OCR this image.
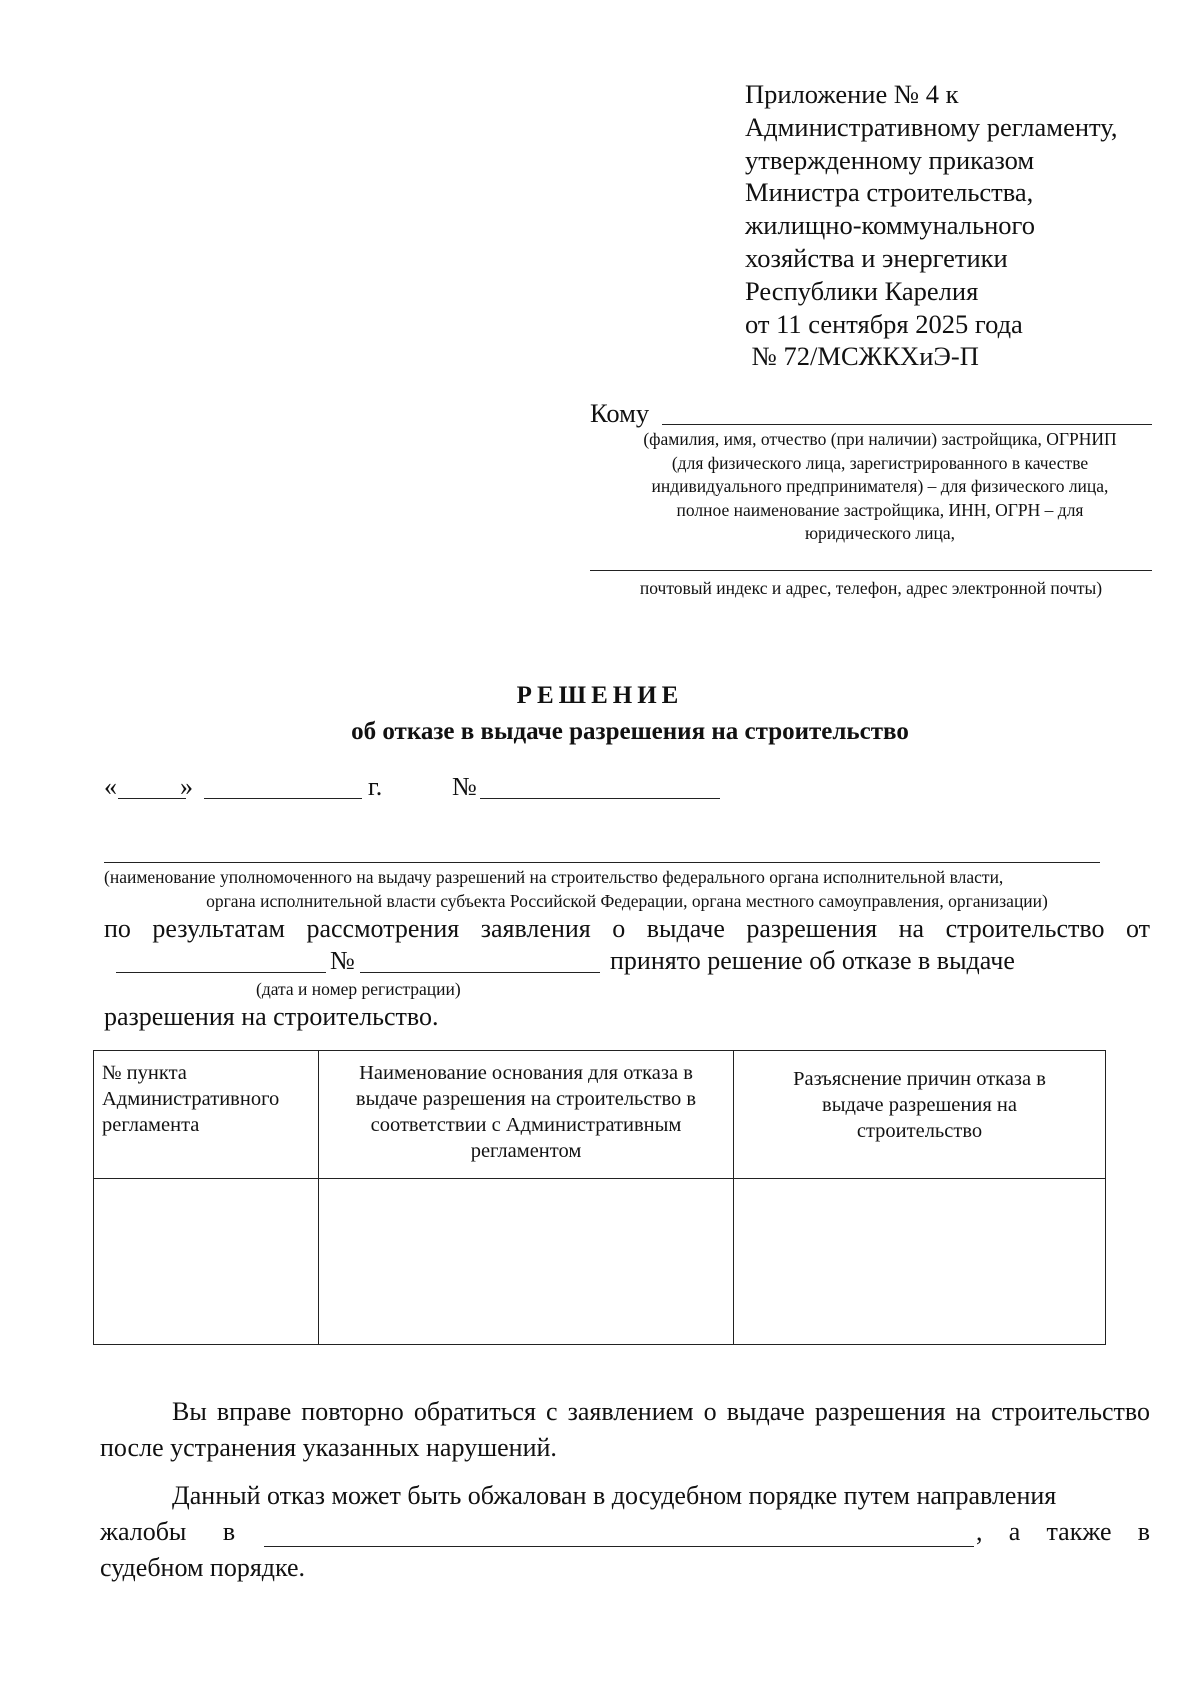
Приложение № 4 к
Административному регламенту,
утвержденному приказом
Министра строительства,
жилищно-коммунального
хозяйства и энергетики
Республики Карелия
от 11 сентября 2025 года
№ 72/МСЖКХиЭ-П
Кому
(фамилия, имя, отчество (при наличии) застройщика, ОГРНИП
(для физического лица, зарегистрированного в качестве
индивидуального предпринимателя) – для физического лица,
полное наименование застройщика, ИНН, ОГРН – для
юридического лица,
почтовый индекс и адрес, телефон, адрес электронной почты)
РЕШЕНИЕ
об отказе в выдаче разрешения на строительство
« »	г.	№
(наименование уполномоченного на выдачу разрешений на строительство федерального органа исполнительной власти,
органа исполнительной власти субъекта Российской Федерации, органа местного самоуправления, организации)
по результатам рассмотрения заявления о выдаче разрешения на строительство от
№	принято решение об отказе в выдаче
(дата и номер регистрации)
разрешения на строительство.
№ пункта Административного регламента	Наименование основания для отказа в выдаче разрешения на строительство в соответствии с Административным регламентом	Разъяснение причин отказа в выдаче разрешения на строительство

Вы вправе повторно обратиться с заявлением о выдаче разрешения на строительство после устранения указанных нарушений.
Данный отказ может быть обжалован в досудебном порядке путем направления
жалобы в	, а также в
судебном порядке.
